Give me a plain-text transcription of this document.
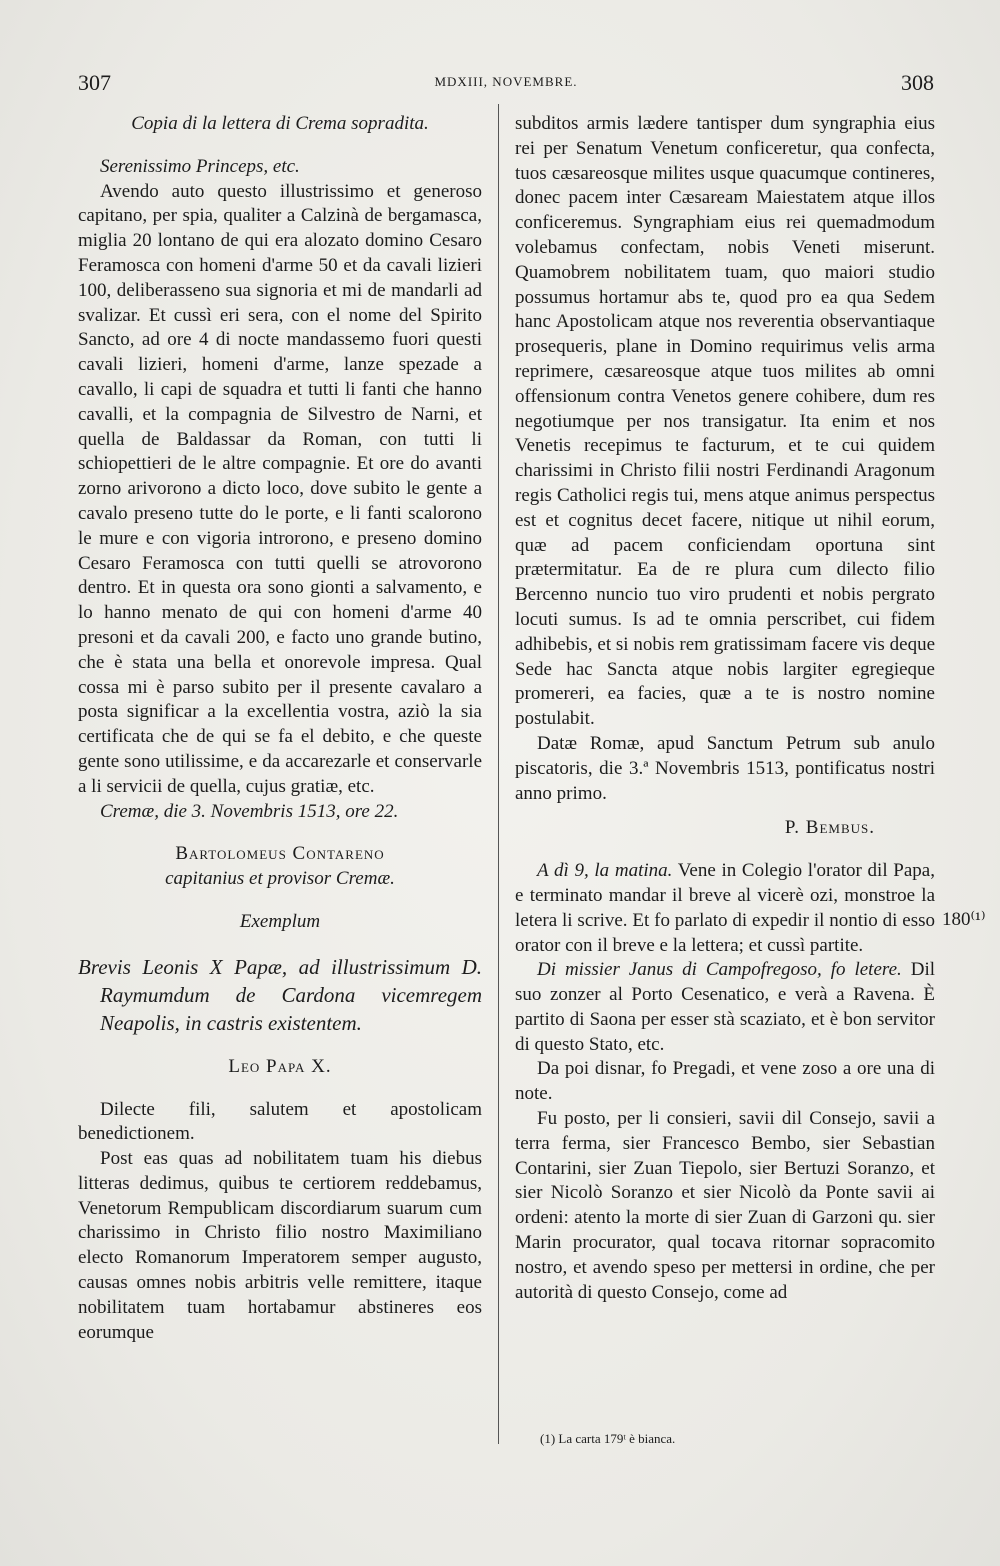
307	MDXIII, NOVEMBRE.	308

Copia di la lettera di Crema sopradita.

Serenissimo Princeps, etc.

Avendo auto questo illustrissimo et generoso capitano, per spia, qualiter a Calzinà de bergamasca, miglia 20 lontano de qui era alozato domino Cesaro Feramosca con homeni d'arme 50 et da cavali lizieri 100, deliberasseno sua signoria et mi de mandarli ad svalizar. Et cussì eri sera, con el nome del Spirito Sancto, ad ore 4 di nocte mandassemo fuori questi cavali lizieri, homeni d'arme, lanze spezade a cavallo, li capi de squadra et tutti li fanti che hanno cavalli, et la compagnia de Silvestro de Narni, et quella de Baldassar da Roman, con tutti li schiopettieri de le altre compagnie. Et ore do avanti zorno arivorono a dicto loco, dove subito le gente a cavalo preseno tutte do le porte, e li fanti scalorono le mure e con vigoria introrono, e preseno domino Cesaro Feramosca con tutti quelli se atrovorono dentro. Et in questa ora sono gionti a salvamento, e lo hanno menato de qui con homeni d'arme 40 presoni et da cavali 200, e facto uno grande butino, che è stata una bella et onorevole impresa. Qual cossa mi è parso subito per il presente cavalaro a posta significar a la excellentia vostra, aziò la sia certificata che de qui se fa el debito, e che queste gente sono utilissime, e da accarezarle et conservarle a li servicii de quella, cujus gratiæ, etc.

Cremæ, die 3. Novembris 1513, ore 22.

Bartolomeus Contareno

capitanius et provisor Cremæ.

Exemplum

Brevis Leonis X Papæ, ad illustrissimum D. Raymumdum de Cardona vicemregem Neapolis, in castris existentem.

Leo Papa X.

Dilecte fili, salutem et apostolicam benedictionem.

Post eas quas ad nobilitatem tuam his diebus litteras dedimus, quibus te certiorem reddebamus, Venetorum Rempublicam discordiarum suarum cum charissimo in Christo filio nostro Maximiliano electo Romanorum Imperatorem semper augusto, causas omnes nobis arbitris velle remittere, itaque nobilitatem tuam hortabamur abstineres eos eorumque

subditos armis lædere tantisper dum syngraphia eius rei per Senatum Venetum conficeretur, qua confecta, tuos cæsareosque milites usque quacumque contineres, donec pacem inter Cæsaream Maiestatem atque illos conficeremus. Syngraphiam eius rei quemadmodum volebamus confectam, nobis Veneti miserunt. Quamobrem nobilitatem tuam, quo maiori studio possumus hortamur abs te, quod pro ea qua Sedem hanc Apostolicam atque nos reverentia observantiaque prosequeris, plane in Domino requirimus velis arma reprimere, cæsareosque atque tuos milites ab omni offensionum contra Venetos genere cohibere, dum res negotiumque per nos transigatur. Ita enim et nos Venetis recepimus te facturum, et te cui quidem charissimi in Christo filii nostri Ferdinandi Aragonum regis Catholici regis tui, mens atque animus perspectus est et cognitus decet facere, nitique ut nihil eorum, quæ ad pacem conficiendam oportuna sint prætermitatur. Ea de re plura cum dilecto filio Bercenno nuncio tuo viro prudenti et nobis pergrato locuti sumus. Is ad te omnia perscribet, cui fidem adhibebis, et si nobis rem gratissimam facere vis deque Sede hac Sancta atque nobis largiter egregieque promereri, ea facies, quæ a te is nostro nomine postulabit.

Datæ Romæ, apud Sanctum Petrum sub anulo piscatoris, die 3.ª Novembris 1513, pontificatus nostri anno primo.

P. Bembus.

A dì 9, la matina. Vene in Colegio l'orator dil Papa, e terminato mandar il breve al vicerè ozi, monstroe la letera li scrive. Et fo parlato di expedir il nontio di esso orator con il breve e la lettera; et cussì partite.

Di missier Janus di Campofregoso, fo letere. Dil suo zonzer al Porto Cesenatico, e verà a Ravena. È partito di Saona per esser stà scaziato, et è bon servitor di questo Stato, etc.

Da poi disnar, fo Pregadi, et vene zoso a ore una di note.

Fu posto, per li consieri, savii dil Consejo, savii a terra ferma, sier Francesco Bembo, sier Sebastian Contarini, sier Zuan Tiepolo, sier Bertuzi Soranzo, et sier Nicolò Soranzo et sier Nicolò da Ponte savii ai ordeni: atento la morte di sier Zuan di Garzoni qu. sier Marin procurator, qual tocava ritornar sopracomito nostro, et avendo speso per mettersi in ordine, che per autorità di questo Consejo, come ad

180⁽¹⁾
(1) La carta 179ᵗ è bianca.
